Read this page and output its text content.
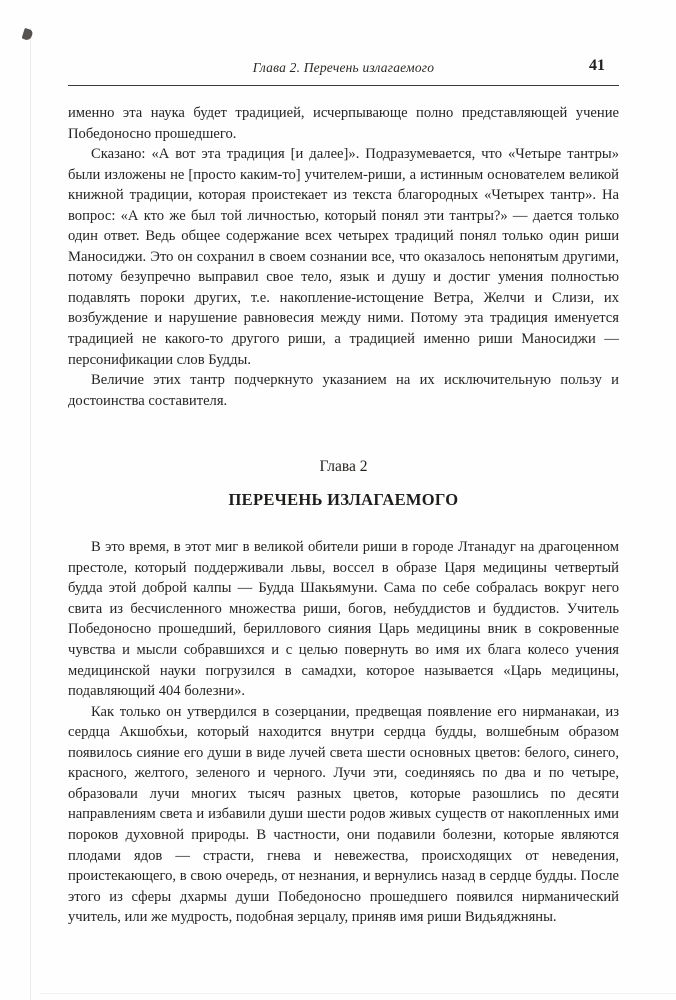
Глава 2. Перечень излагаемого	41

именно эта наука будет традицией, исчерпывающе полно представляющей учение Победоносно прошедшего.

Сказано: «А вот эта традиция [и далее]». Подразумевается, что «Четыре тантры» были изложены не [просто каким-то] учителем-риши, а истинным основателем великой книжной традиции, которая проистекает из текста благородных «Четырех тантр». На вопрос: «А кто же был той личностью, который понял эти тантры?» — дается только один ответ. Ведь общее содержание всех четырех традиций понял только один риши Маносиджи. Это он сохранил в своем сознании все, что оказалось непонятым другими, потому безупречно выправил свое тело, язык и душу и достиг умения полностью подавлять пороки других, т.е. накопление-истощение Ветра, Желчи и Слизи, их возбуждение и нарушение равновесия между ними. Потому эта традиция именуется традицией не какого-то другого риши, а традицией именно риши Маносиджи — персонификации слов Будды.

Величие этих тантр подчеркнуто указанием на их исключительную пользу и достоинства составителя.

Глава 2
ПЕРЕЧЕНЬ ИЗЛАГАЕМОГО

В это время, в этот миг в великой обители риши в городе Лтанадуг на драгоценном престоле, который поддерживали львы, воссел в образе Царя медицины четвертый будда этой доброй калпы — Будда Шакьямуни. Сама по себе собралась вокруг него свита из бесчисленного множества риши, богов, небуддистов и буддистов. Учитель Победоносно прошедший, бериллового сияния Царь медицины вник в сокровенные чувства и мысли собравшихся и с целью повернуть во имя их блага колесо учения медицинской науки погрузился в самадхи, которое называется «Царь медицины, подавляющий 404 болезни».

Как только он утвердился в созерцании, предвещая появление его нирманакаи, из сердца Акшобхьи, который находится внутри сердца будды, волшебным образом появилось сияние его души в виде лучей света шести основных цветов: белого, синего, красного, желтого, зеленого и черного. Лучи эти, соединяясь по два и по четыре, образовали лучи многих тысяч разных цветов, которые разошлись по десяти направлениям света и избавили души шести родов живых существ от накопленных ими пороков духовной природы. В частности, они подавили болезни, которые являются плодами ядов — страсти, гнева и невежества, происходящих от неведения, проистекающего, в свою очередь, от незнания, и вернулись назад в сердце будды. После этого из сферы дхармы души Победоносно прошедшего появился нирманический учитель, или же мудрость, подобная зерцалу, приняв имя риши Видьяджняны.
